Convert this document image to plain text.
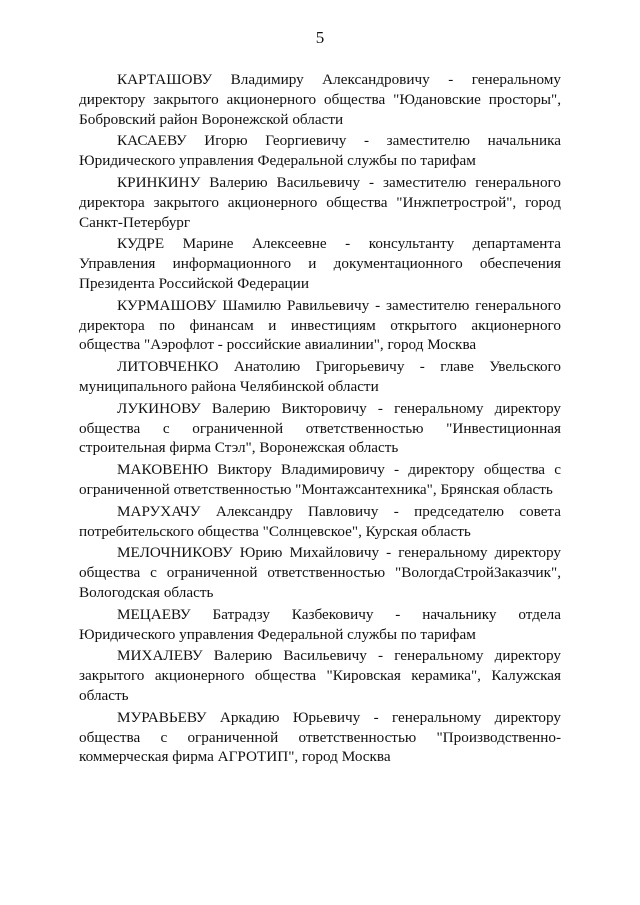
5

КАРТАШОВУ Владимиру Александровичу - генеральному директору закрытого акционерного общества "Юдановские просторы", Бобровский район Воронежской области

КАСАЕВУ Игорю Георгиевичу - заместителю начальника Юридического управления Федеральной службы по тарифам

КРИНКИНУ Валерию Васильевичу - заместителю генерального директора закрытого акционерного общества "Инжпетрострой", город Санкт-Петербург

КУДРЕ Марине Алексеевне - консультанту департамента Управления информационного и документационного обеспечения Президента Российской Федерации

КУРМАШОВУ Шамилю Равильевичу - заместителю генерального директора по финансам и инвестициям открытого акционерного общества "Аэрофлот - российские авиалинии", город Москва

ЛИТОВЧЕНКО Анатолию Григорьевичу - главе Увельского муниципального района Челябинской области

ЛУКИНОВУ Валерию Викторовичу - генеральному директору общества с ограниченной ответственностью "Инвестиционная строительная фирма Стэл", Воронежская область

МАКОВЕНЮ Виктору Владимировичу - директору общества с ограниченной ответственностью "Монтажсантехника", Брянская область

МАРУХАЧУ Александру Павловичу - председателю совета потребительского общества "Солнцевское", Курская область

МЕЛОЧНИКОВУ Юрию Михайловичу - генеральному директору общества с ограниченной ответственностью "ВологдаСтройЗаказчик", Вологодская область

МЕЦАЕВУ Батрадзу Казбековичу - начальнику отдела Юридического управления Федеральной службы по тарифам

МИХАЛЕВУ Валерию Васильевичу - генеральному директору закрытого акционерного общества "Кировская керамика", Калужская область

МУРАВЬЕВУ Аркадию Юрьевичу - генеральному директору общества с ограниченной ответственностью "Производственно-коммерческая фирма АГРОТИП", город Москва
